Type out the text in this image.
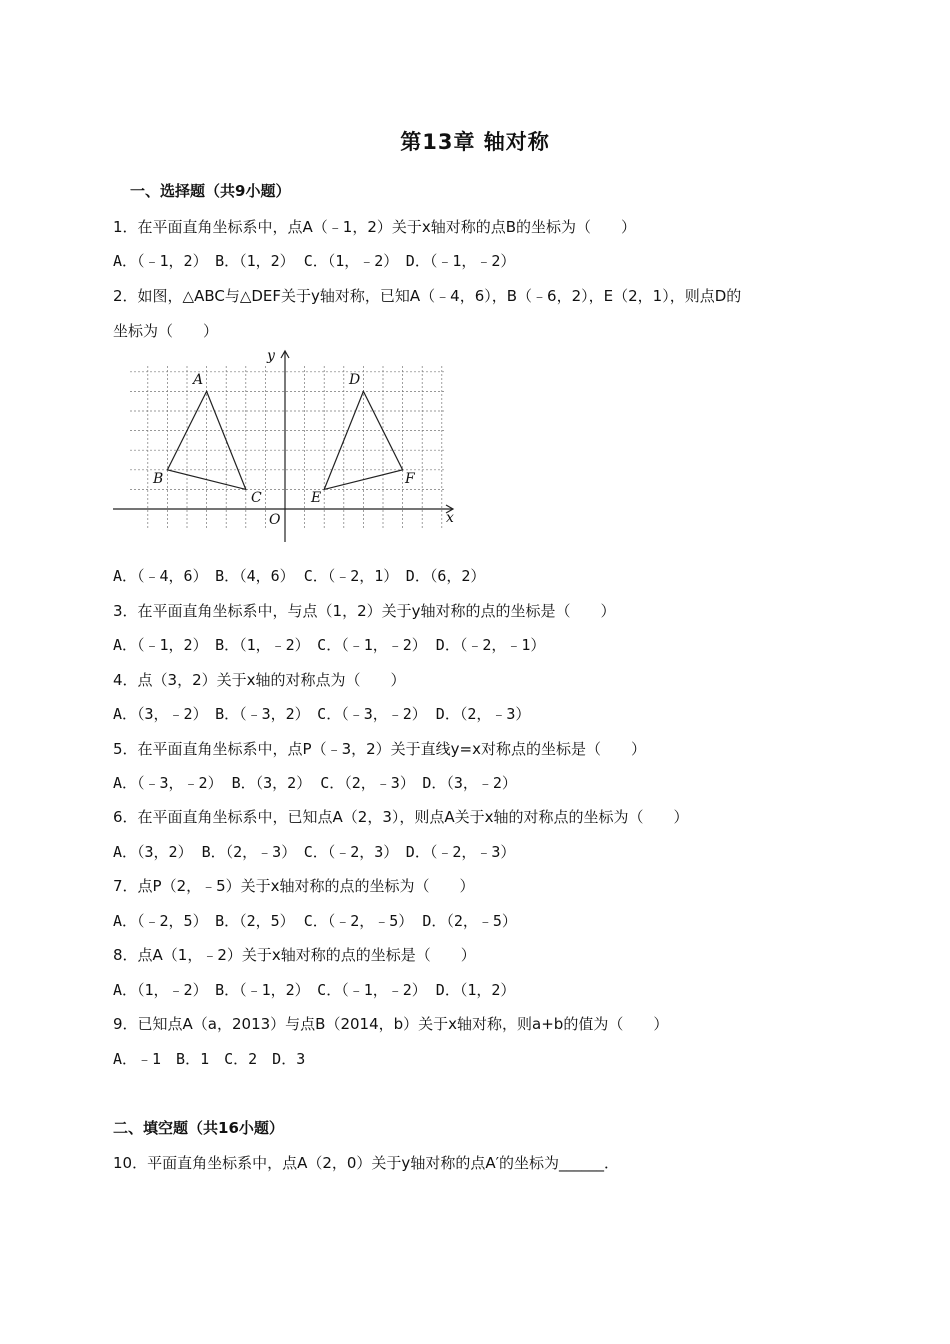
第13章 轴对称
一、选择题（共9小题）
1．在平面直角坐标系中，点A（﹣1，2）关于x轴对称的点B的坐标为（　　）
A．（﹣1，2）　B．（1，2） C．（1，﹣2）　D．（﹣1，﹣2）
2．如图，△ABC与△DEF关于y轴对称，已知A（﹣4，6），B（﹣6，2），E（2，1），则点D的
坐标为（　　）
x
y
O
A
B
C
D
E
F
A．（﹣4，6）　B．（4，6） C．（﹣2，1）　D．（6，2）
3．在平面直角坐标系中，与点（1，2）关于y轴对称的点的坐标是（　　）
A．（﹣1，2）　B．（1，﹣2）　C．（﹣1，﹣2） D．（﹣2，﹣1）
4．点（3，2）关于x轴的对称点为（　　）
A．（3，﹣2）　B．（﹣3，2）　C．（﹣3，﹣2） D．（2，﹣3）
5．在平面直角坐标系中，点P（﹣3，2）关于直线y=x对称点的坐标是（　　）
A．（﹣3，﹣2） B．（3，2） C．（2，﹣3）　D．（3，﹣2）
6．在平面直角坐标系中，已知点A（2，3），则点A关于x轴的对称点的坐标为（　　）
A．（3，2） B．（2，﹣3）　C．（﹣2，3）　D．（﹣2，﹣3）
7．点P（2，﹣5）关于x轴对称的点的坐标为（　　）
A．（﹣2，5）　B．（2，5） C．（﹣2，﹣5） D．（2，﹣5）
8．点A（1，﹣2）关于x轴对称的点的坐标是（　　）
A．（1，﹣2）　B．（﹣1，2）　C．（﹣1，﹣2） D．（1，2）
9．已知点A（a，2013）与点B（2014，b）关于x轴对称，则a+b的值为（　　）
A．﹣1　B．1　C．2　D．3
二、填空题（共16小题）
10．平面直角坐标系中，点A（2，0）关于y轴对称的点A′的坐标为______．
